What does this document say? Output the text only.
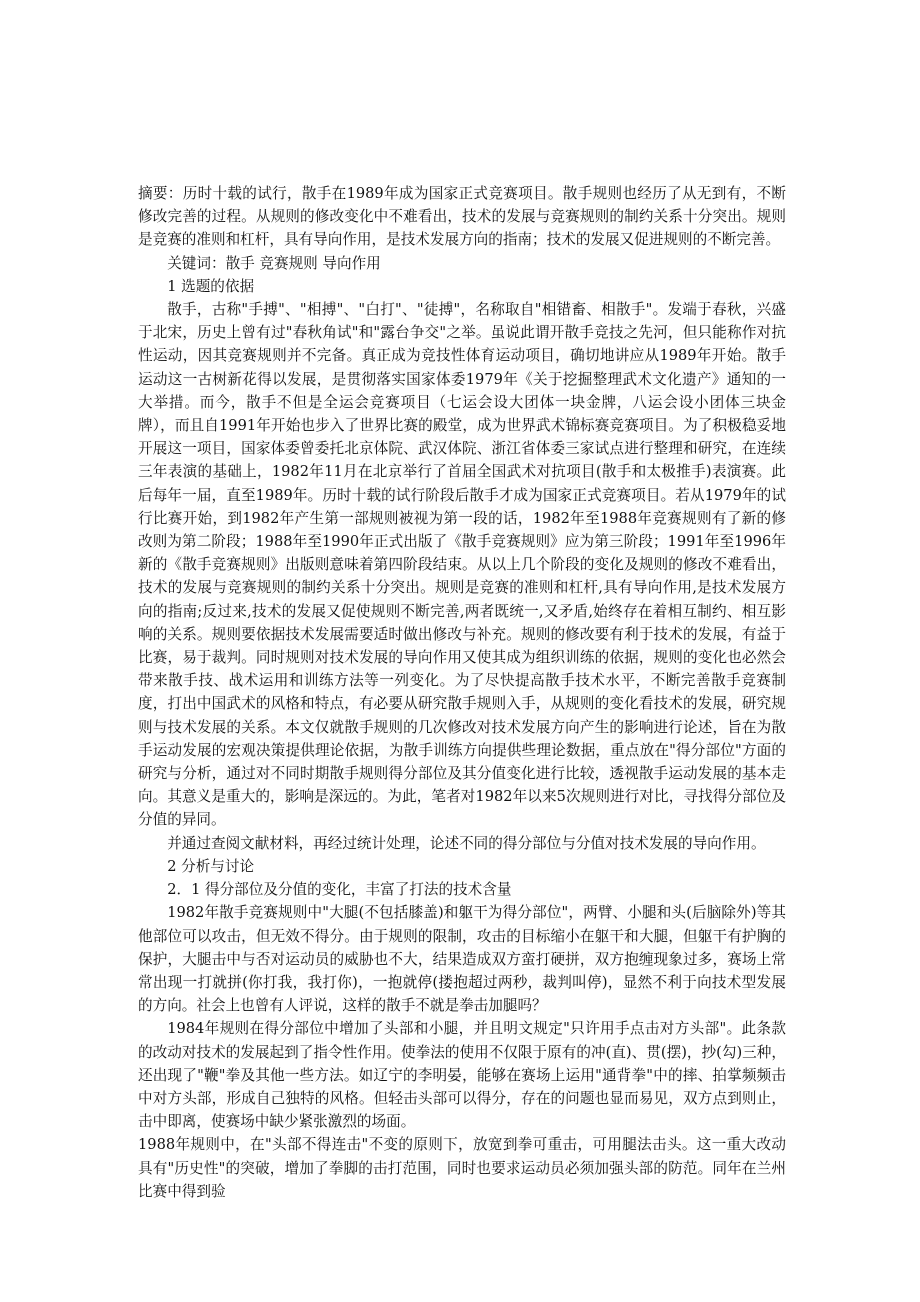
摘要：历时十载的试行，散手在1989年成为国家正式竞赛项目。散手规则也经历了从无到有，不断修改完善的过程。从规则的修改变化中不难看出，技术的发展与竞赛规则的制约关系十分突出。规则是竞赛的准则和杠杆，具有导向作用，是技术发展方向的指南；技术的发展又促进规则的不断完善。

关键词：散手 竞赛规则 导向作用

1 选题的依据

散手，古称"手搏"、"相搏"、"白打"、"徒搏"，名称取自"相错畜、相散手"。发端于春秋，兴盛于北宋，历史上曾有过"春秋角试"和"露台争交"之举。虽说此谓开散手竞技之先河，但只能称作对抗性运动，因其竞赛规则并不完备。真正成为竞技性体育运动项目，确切地讲应从1989年开始。散手运动这一古树新花得以发展，是贯彻落实国家体委1979年《关于挖掘整理武术文化遗产》通知的一大举措。而今，散手不但是全运会竞赛项目（七运会设大团体一块金牌，八运会设小团体三块金牌），而且自1991年开始也步入了世界比赛的殿堂，成为世界武术锦标赛竞赛项目。为了积极稳妥地开展这一项目，国家体委曾委托北京体院、武汉体院、浙江省体委三家试点进行整理和研究，在连续三年表演的基础上，1982年11月在北京举行了首届全国武术对抗项目(散手和太极推手)表演赛。此后每年一届，直至1989年。历时十载的试行阶段后散手才成为国家正式竞赛项目。若从1979年的试行比赛开始，到1982年产生第一部规则被视为第一段的话，1982年至1988年竞赛规则有了新的修改则为第二阶段；1988年至1990年正式出版了《散手竞赛规则》应为第三阶段；1991年至1996年新的《散手竞赛规则》出版则意味着第四阶段结束。从以上几个阶段的变化及规则的修改不难看出，技术的发展与竞赛规则的制约关系十分突出。规则是竞赛的准则和杠杆,具有导向作用,是技术发展方向的指南;反过来,技术的发展又促使规则不断完善,两者既统一,又矛盾,始终存在着相互制约、相互影响的关系。规则要依据技术发展需要适时做出修改与补充。规则的修改要有利于技术的发展，有益于比赛，易于裁判。同时规则对技术发展的导向作用又使其成为组织训练的依据，规则的变化也必然会带来散手技、战术运用和训练方法等一列变化。为了尽快提高散手技术水平，不断完善散手竞赛制度，打出中国武术的风格和特点，有必要从研究散手规则入手，从规则的变化看技术的发展，研究规则与技术发展的关系。本文仅就散手规则的几次修改对技术发展方向产生的影响进行论述，旨在为散手运动发展的宏观决策提供理论依据，为散手训练方向提供些理论数据，重点放在"得分部位"方面的研究与分析，通过对不同时期散手规则得分部位及其分值变化进行比较，透视散手运动发展的基本走向。其意义是重大的，影响是深远的。为此，笔者对1982年以来5次规则进行对比，寻找得分部位及分值的异同。

并通过查阅文献材料，再经过统计处理，论述不同的得分部位与分值对技术发展的导向作用。

2 分析与讨论

2．1 得分部位及分值的变化，丰富了打法的技术含量

1982年散手竞赛规则中"大腿(不包括膝盖)和躯干为得分部位"，两臂、小腿和头(后脑除外)等其他部位可以攻击，但无效不得分。由于规则的限制，攻击的目标缩小在躯干和大腿，但躯干有护胸的保护，大腿击中与否对运动员的威胁也不大，结果造成双方蛮打硬拼，双方抱缠现象过多，赛场上常常出现一打就拼(你打我，我打你)，一抱就停(搂抱超过两秒，裁判叫停)，显然不利于向技术型发展的方向。社会上也曾有人评说，这样的散手不就是拳击加腿吗？

1984年规则在得分部位中增加了头部和小腿，并且明文规定"只许用手点击对方头部"。此条款的改动对技术的发展起到了指令性作用。使拳法的使用不仅限于原有的冲(直)、贯(摆)，抄(勾)三种，还出现了"鞭"拳及其他一些方法。如辽宁的李明晏，能够在赛场上运用"通背拳"中的摔、拍掌频频击中对方头部，形成自己独特的风格。但轻击头部可以得分，存在的问题也显而易见，双方点到则止，击中即离，使赛场中缺少紧张激烈的场面。

1988年规则中，在"头部不得连击"不变的原则下，放宽到拳可重击，可用腿法击头。这一重大改动具有"历史性"的突破，增加了拳脚的击打范围，同时也要求运动员必须加强头部的防范。同年在兰州比赛中得到验
